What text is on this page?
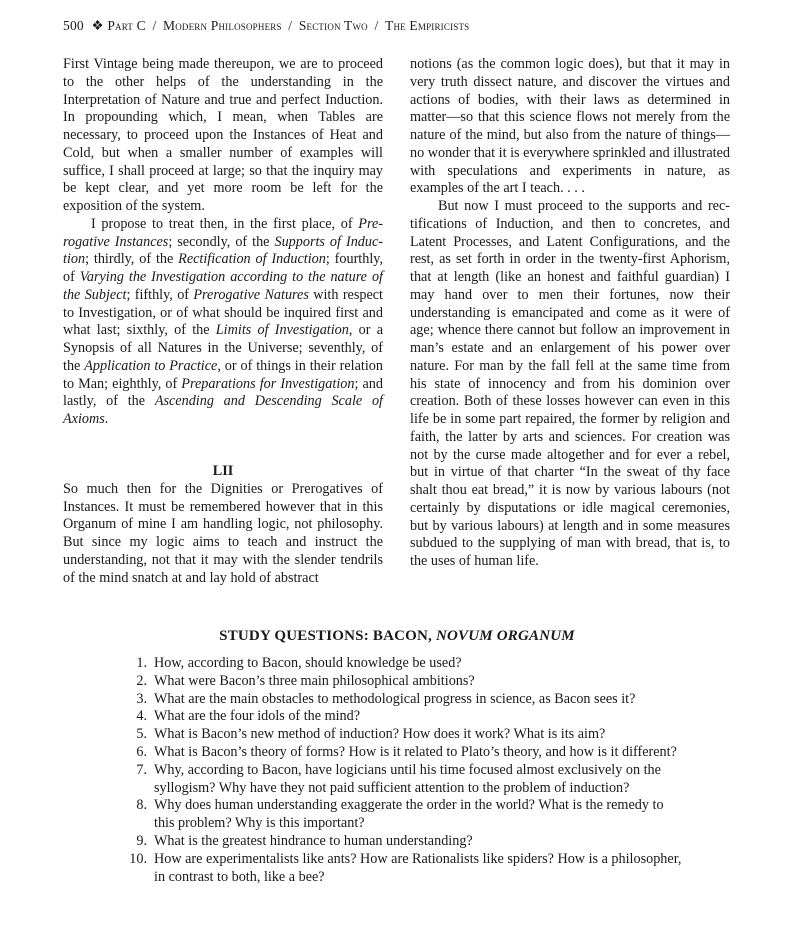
500 ❖ Part C / Modern Philosophers / Section Two / The Empiricists

First Vintage being made thereupon, we are to proceed to the other helps of the understanding in the Interpretation of Nature and true and perfect Induction. In propounding which, I mean, when Tables are necessary, to proceed upon the Instances of Heat and Cold, but when a smaller number of examples will suffice, I shall proceed at large; so that the inquiry may be kept clear, and yet more room be left for the exposition of the system.

I propose to treat then, in the first place, of Prerogative Instances; secondly, of the Supports of Induction; thirdly, of the Rectification of Induction; fourthly, of Varying the Investigation according to the nature of the Subject; fifthly, of Prerogative Natures with respect to Investigation, or of what should be inquired first and what last; sixthly, of the Limits of Investigation, or a Synopsis of all Natures in the Universe; seventhly, of the Application to Practice, or of things in their relation to Man; eighthly, of Preparations for Investigation; and lastly, of the Ascending and Descending Scale of Axioms.

LII

So much then for the Dignities or Prerogatives of Instances. It must be remembered however that in this Organum of mine I am handling logic, not philosophy. But since my logic aims to teach and instruct the understanding, not that it may with the slender tendrils of the mind snatch at and lay hold of abstract

notions (as the common logic does), but that it may in very truth dissect nature, and discover the virtues and actions of bodies, with their laws as determined in matter—so that this science flows not merely from the nature of the mind, but also from the nature of things—no wonder that it is everywhere sprinkled and illustrated with speculations and experiments in nature, as examples of the art I teach. . . .

But now I must proceed to the supports and rectifications of Induction, and then to concretes, and Latent Processes, and Latent Configurations, and the rest, as set forth in order in the twenty-first Aphorism, that at length (like an honest and faithful guardian) I may hand over to men their fortunes, now their understanding is emancipated and come as it were of age; whence there cannot but follow an improvement in man’s estate and an enlargement of his power over nature. For man by the fall fell at the same time from his state of innocency and from his dominion over creation. Both of these losses however can even in this life be in some part repaired, the former by religion and faith, the latter by arts and sciences. For creation was not by the curse made altogether and for ever a rebel, but in virtue of that charter “In the sweat of thy face shalt thou eat bread,” it is now by various labours (not certainly by disputations or idle magical ceremonies, but by various labours) at length and in some measures subdued to the supplying of man with bread, that is, to the uses of human life.

STUDY QUESTIONS: BACON, NOVUM ORGANUM
1. How, according to Bacon, should knowledge be used?
2. What were Bacon’s three main philosophical ambitions?
3. What are the main obstacles to methodological progress in science, as Bacon sees it?
4. What are the four idols of the mind?
5. What is Bacon’s new method of induction? How does it work? What is its aim?
6. What is Bacon’s theory of forms? How is it related to Plato’s theory, and how is it different?
7. Why, according to Bacon, have logicians until his time focused almost exclusively on the syllogism? Why have they not paid sufficient attention to the problem of induction?
8. Why does human understanding exaggerate the order in the world? What is the remedy to this problem? Why is this important?
9. What is the greatest hindrance to human understanding?
10. How are experimentalists like ants? How are Rationalists like spiders? How is a philosopher, in contrast to both, like a bee?
